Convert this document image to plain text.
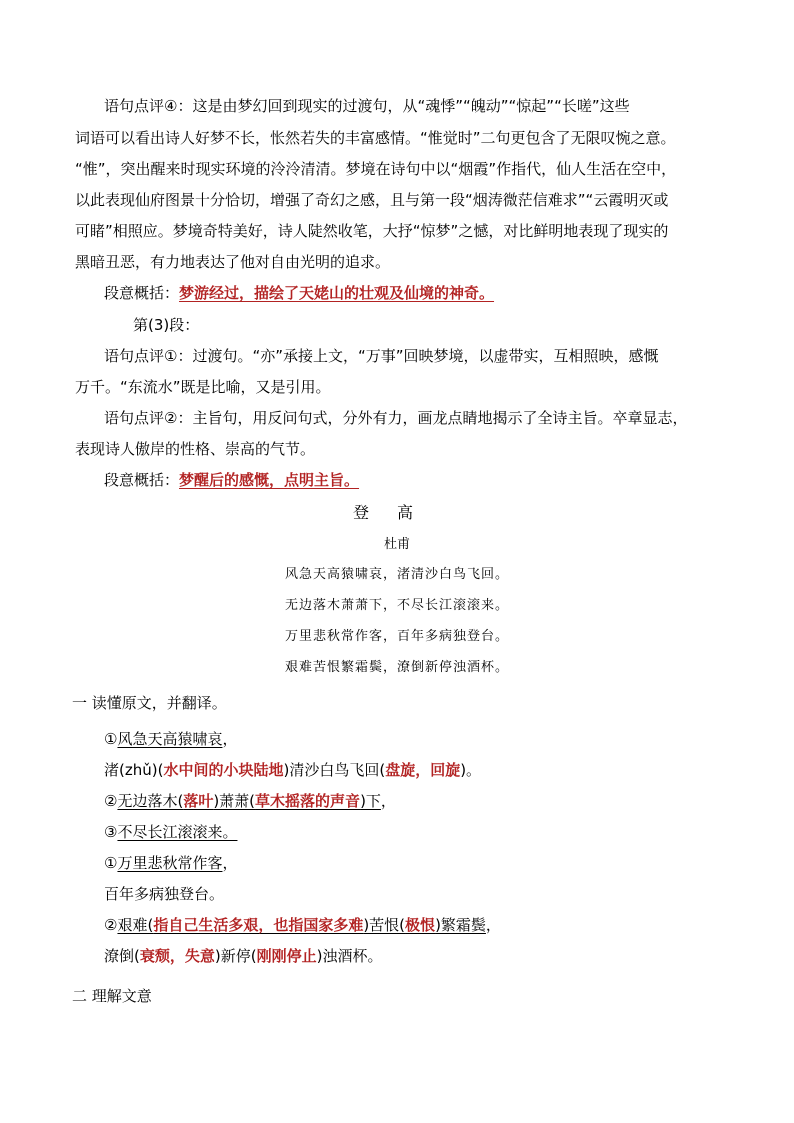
语句点评④：这是由梦幻回到现实的过渡句，从“魂悸”“魄动”“惊起”“长嗟”这些
词语可以看出诗人好梦不长，怅然若失的丰富感情。“惟觉时”二句更包含了无限叹惋之意。
“惟”，突出醒来时现实环境的泠泠清清。梦境在诗句中以“烟霞”作指代，仙人生活在空中，
以此表现仙府图景十分恰切，增强了奇幻之感，且与第一段“烟涛微茫信难求”“云霞明灭或
可睹”相照应。梦境奇特美好，诗人陡然收笔，大抒“惊梦”之憾，对比鲜明地表现了现实的
黑暗丑恶，有力地表达了他对自由光明的追求。
段意概括：梦游经过，描绘了天姥山的壮观及仙境的神奇。
第(3)段：
语句点评①：过渡句。“亦”承接上文，“万事”回映梦境，以虚带实，互相照映，感慨
万千。“东流水”既是比喻，又是引用。
语句点评②：主旨句，用反问句式，分外有力，画龙点睛地揭示了全诗主旨。卒章显志，
表现诗人傲岸的性格、崇高的气节。
段意概括：梦醒后的感慨，点明主旨。
登高
杜甫
风急天高猿啸哀，渚清沙白鸟飞回。
无边落木萧萧下，不尽长江滚滚来。
万里悲秋常作客，百年多病独登台。
艰难苦恨繁霜鬓，潦倒新停浊酒杯。
一 读懂原文，并翻译。
①风急天高猿啸哀，
渚(zhǔ)(水中间的小块陆地)清沙白鸟飞回(盘旋，回旋)。
②无边落木(落叶)萧萧(草木摇落的声音)下，
③不尽长江滚滚来。
①万里悲秋常作客，
百年多病独登台。
②艰难(指自己生活多艰，也指国家多难)苦恨(极恨)繁霜鬓，
潦倒(衰颓，失意)新停(刚刚停止)浊酒杯。
二 理解文意
